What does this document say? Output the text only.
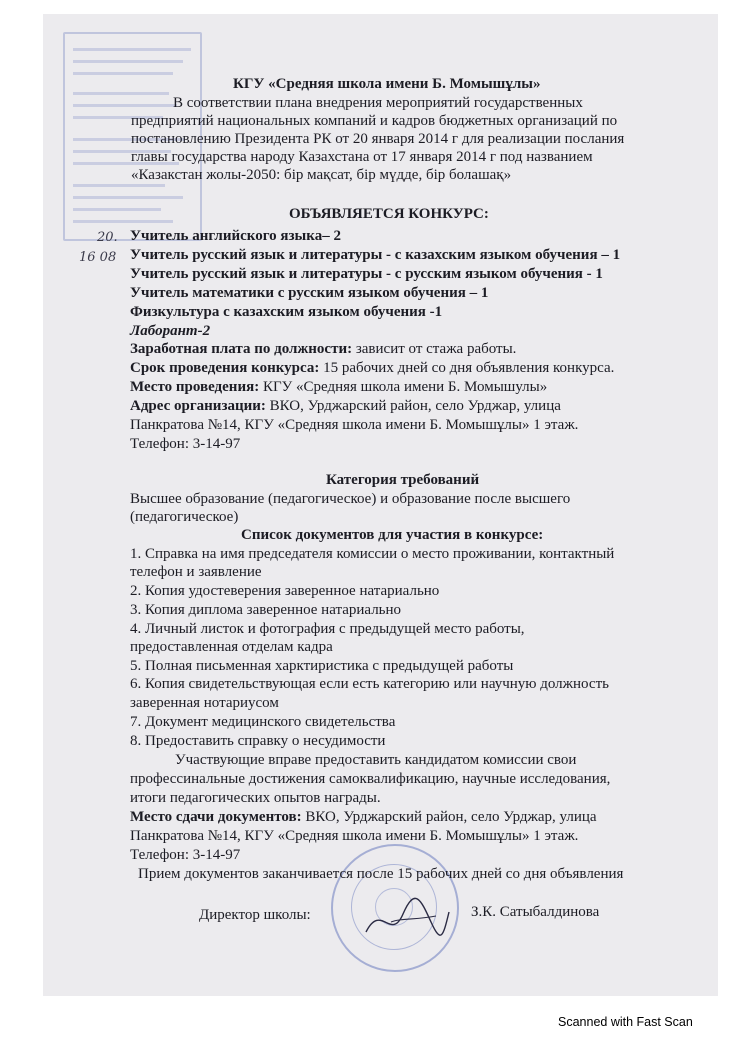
КГУ «Средняя школа имени Б. Момышұлы»
В соответствии плана внедрения мероприятий государственных
предприятий национальных компаний и кадров бюджетных организаций по
постановлению Президента РК от 20 января 2014 г для реализации послания
главы государства народу Казахстана от 17 января 2014 г под названием
«Казакстан жолы-2050: бір мақсат, бір мүдде, бір болашақ»
ОБЪЯВЛЯЕТСЯ КОНКУРС:
20.
16 08
Учитель английского языка– 2
Учитель русский язык и литературы - с казахским языком обучения – 1
Учитель русский язык и литературы - с русским языком обучения - 1
Учитель математики с русским языком обучения – 1
Физкультура с казахским языком обучения -1
Лаборант-2
Заработная плата по должности: зависит от стажа работы.
Срок проведения конкурса: 15 рабочих дней со дня объявления конкурса.
Место проведения: КГУ «Средняя школа имени Б. Момышулы»
Адрес организации: ВКО, Урджарский район, село Урджар, улица
Панкратова №14, КГУ «Средняя школа имени Б. Момышұлы» 1 этаж.
Телефон: 3-14-97
Категория требований
Высшее образование (педагогическое) и образование после высшего
(педагогическое)
Список документов для участия в конкурсе:
1. Справка на имя председателя комиссии о место проживании, контактный
телефон и заявление
2. Копия удостеверения заверенное натариально
3. Копия диплома заверенное натариально
4. Личный листок и фотография с предыдущей место работы,
предоставленная отделам кадра
5. Полная письменная харктиристика с предыдущей работы
6. Копия свидетельствующая если есть категорию или научную должность
заверенная нотариусом
7. Документ медицинского свидетельства
8. Предоставить справку о несудимости
Участвующие вправе предоставить кандидатом комиссии свои
профессинальные достижения самоквалификацию, научные исследования,
итоги педагогических опытов награды.
Место сдачи документов: ВКО, Урджарский район, село Урджар, улица
Панкратова №14, КГУ «Средняя школа имени Б. Момышұлы» 1 этаж.
Телефон: 3-14-97
Прием документов заканчивается после 15 рабочих дней со дня объявления
Директор школы:	З.К. Сатыбалдинова
Scanned with Fast Scan
